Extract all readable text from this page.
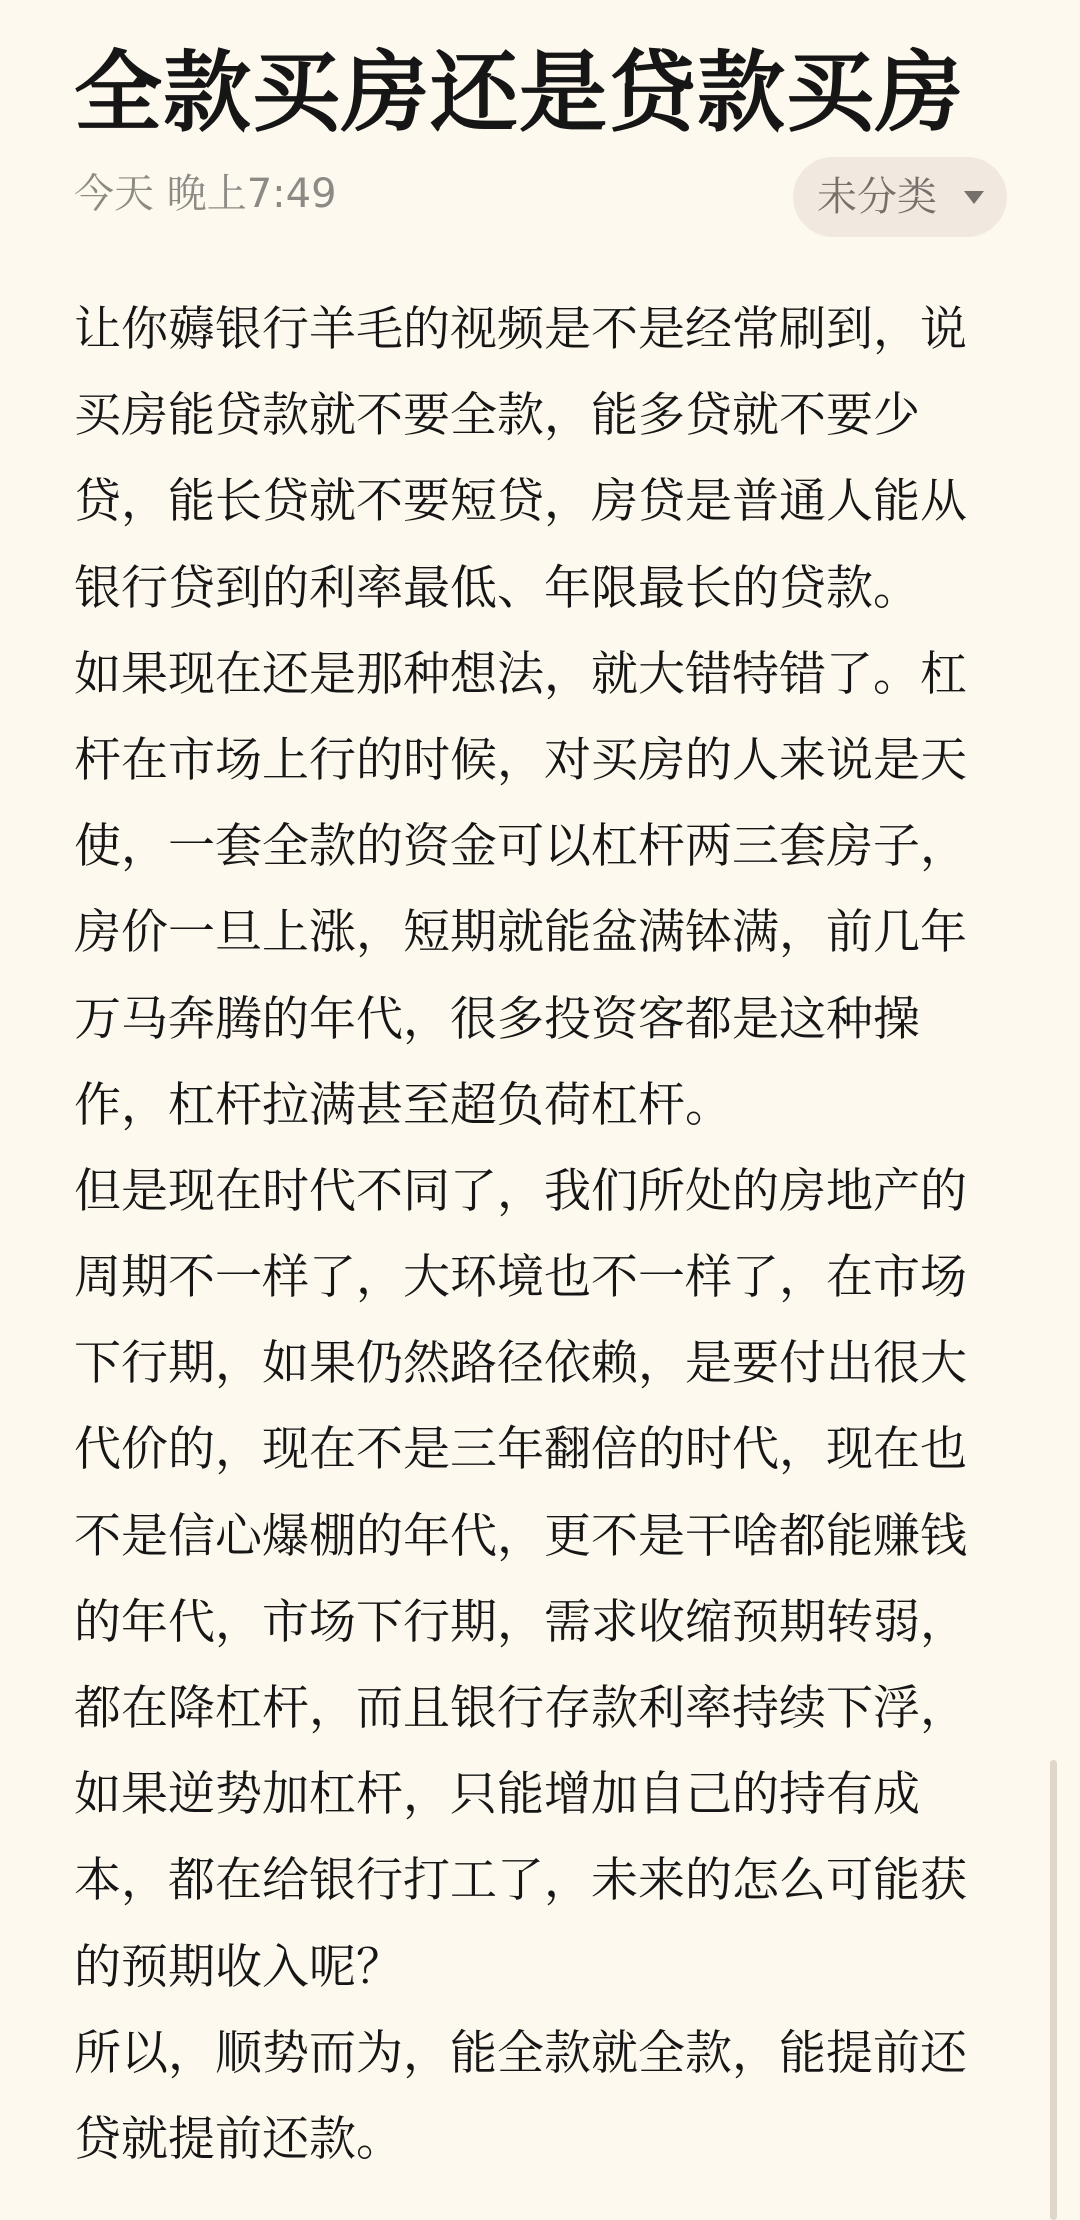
全款买房还是贷款买房
今天 晚上7:49	未分类
让你薅银行羊毛的视频是不是经常刷到，说
买房能贷款就不要全款，能多贷就不要少
贷，能长贷就不要短贷，房贷是普通人能从
银行贷到的利率最低、年限最长的贷款。
如果现在还是那种想法，就大错特错了。杠
杆在市场上行的时候，对买房的人来说是天
使，一套全款的资金可以杠杆两三套房子，
房价一旦上涨，短期就能盆满钵满，前几年
万马奔腾的年代，很多投资客都是这种操
作，杠杆拉满甚至超负荷杠杆。
但是现在时代不同了，我们所处的房地产的
周期不一样了，大环境也不一样了，在市场
下行期，如果仍然路径依赖，是要付出很大
代价的，现在不是三年翻倍的时代，现在也
不是信心爆棚的年代，更不是干啥都能赚钱
的年代，市场下行期，需求收缩预期转弱，
都在降杠杆，而且银行存款利率持续下浮，
如果逆势加杠杆，只能增加自己的持有成
本，都在给银行打工了，未来的怎么可能获
的预期收入呢？
所以，顺势而为，能全款就全款，能提前还
贷就提前还款。
